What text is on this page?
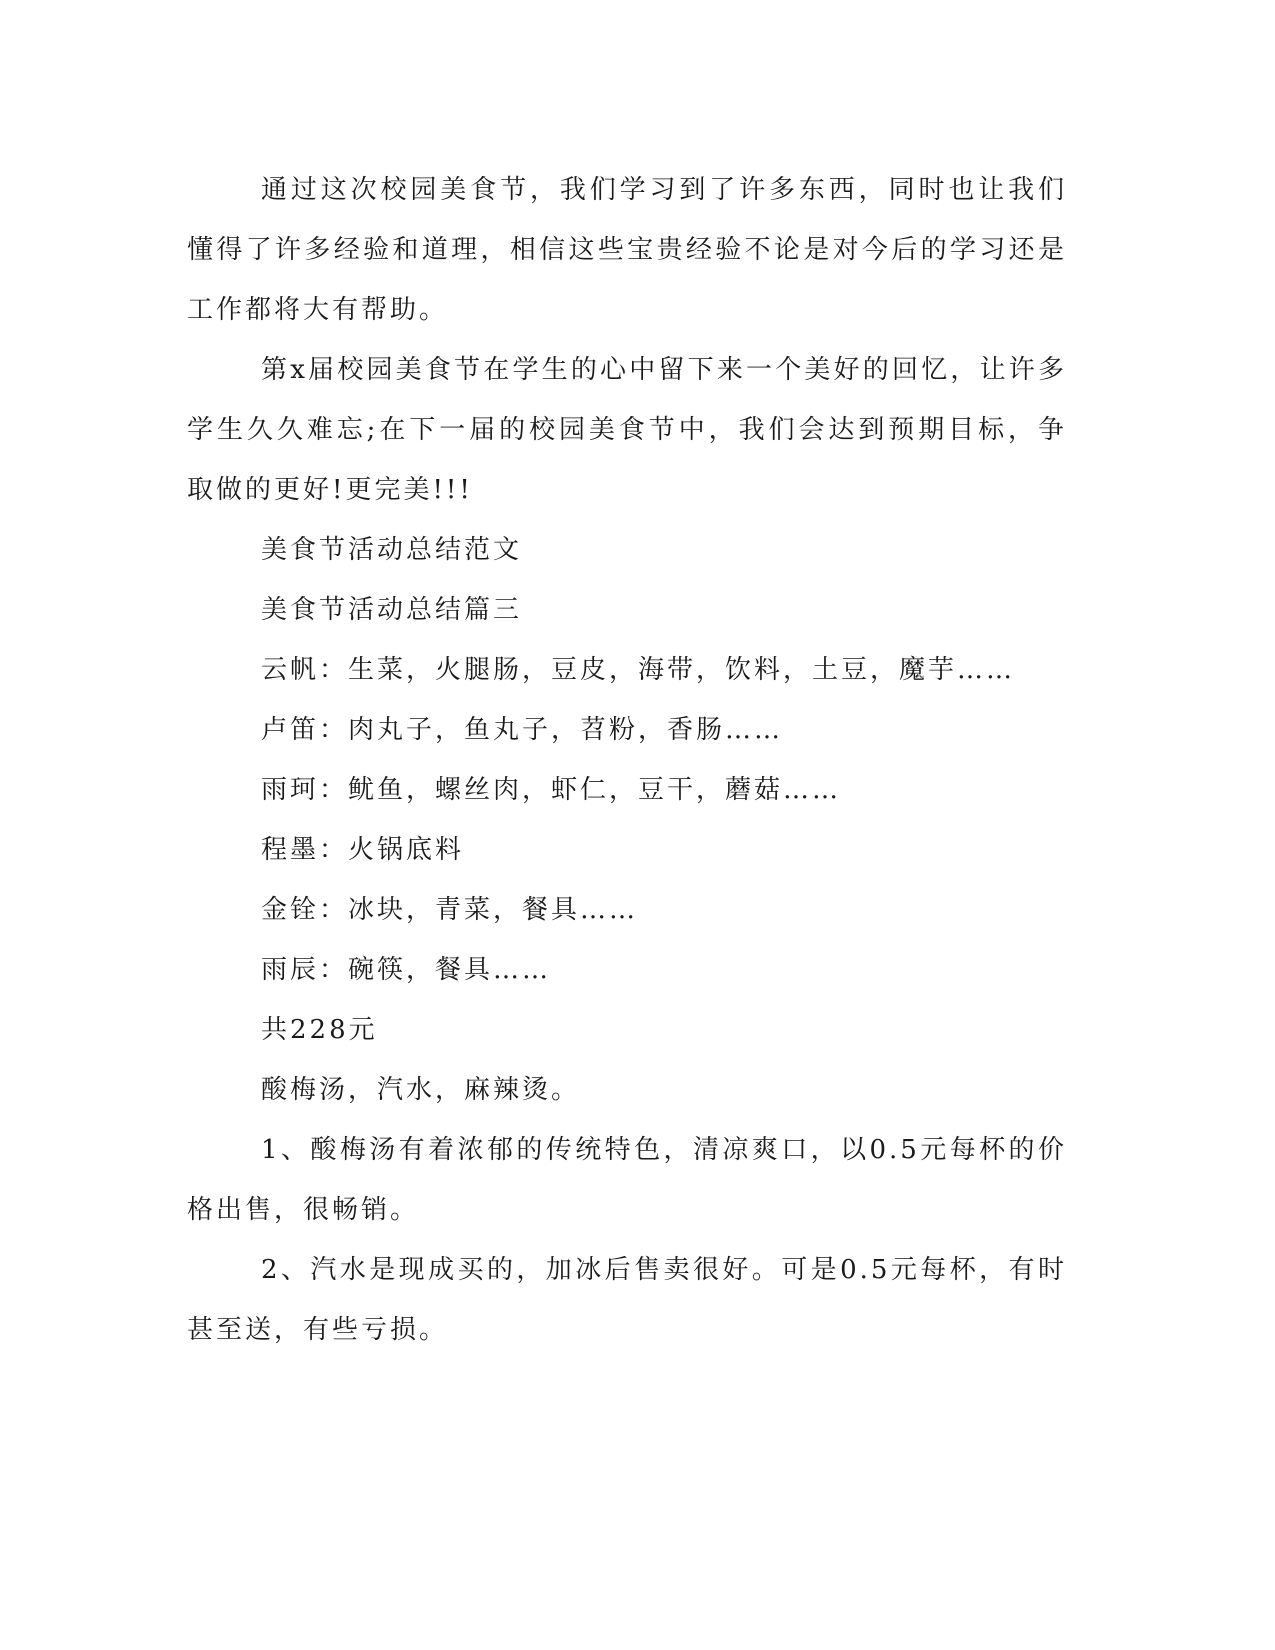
通过这次校园美食节，我们学习到了许多东西，同时也让我们懂得了许多经验和道理，相信这些宝贵经验不论是对今后的学习还是工作都将大有帮助。

第x届校园美食节在学生的心中留下来一个美好的回忆，让许多学生久久难忘;在下一届的校园美食节中，我们会达到预期目标，争取做的更好!更完美!!!

美食节活动总结范文

美食节活动总结篇三

云帆：生菜，火腿肠，豆皮，海带，饮料，土豆，魔芋……

卢笛：肉丸子，鱼丸子，苕粉，香肠……

雨珂：鱿鱼，螺丝肉，虾仁，豆干，蘑菇……

程墨：火锅底料

金铨：冰块，青菜，餐具……

雨辰：碗筷，餐具……

共228元

酸梅汤，汽水，麻辣烫。

1、酸梅汤有着浓郁的传统特色，清凉爽口，以0.5元每杯的价格出售，很畅销。

2、汽水是现成买的，加冰后售卖很好。可是0.5元每杯，有时甚至送，有些亏损。
